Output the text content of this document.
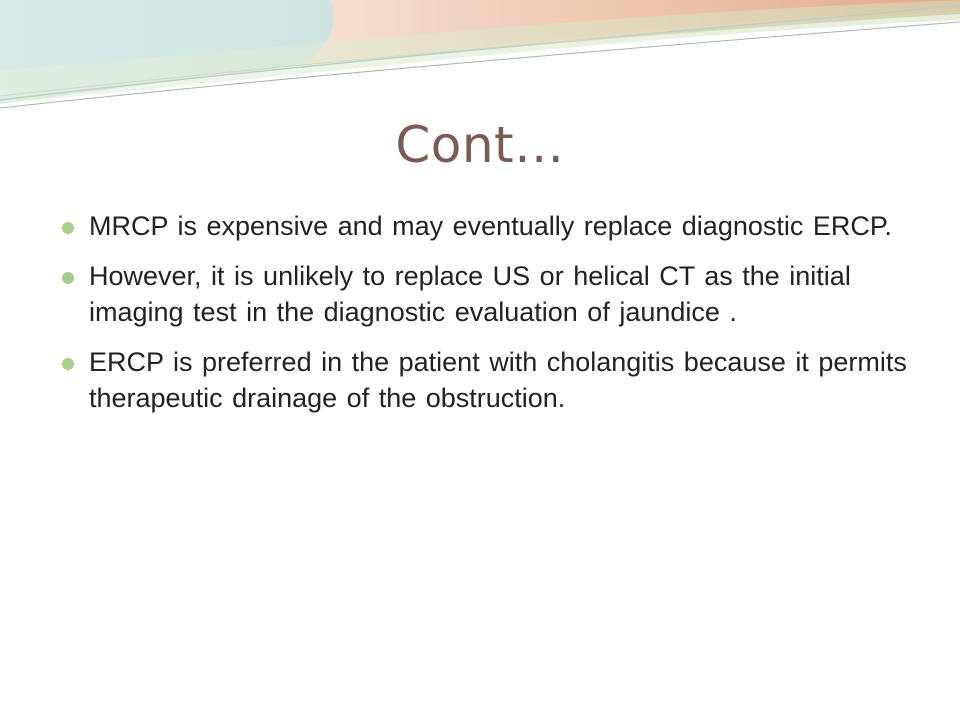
Cont…
MRCP is expensive and may eventually replace diagnostic ERCP.
However, it is unlikely to replace US or helical CT as the initial imaging test in the diagnostic evaluation of jaundice .
ERCP is preferred in the patient with cholangitis because it permits therapeutic drainage of the obstruction.
